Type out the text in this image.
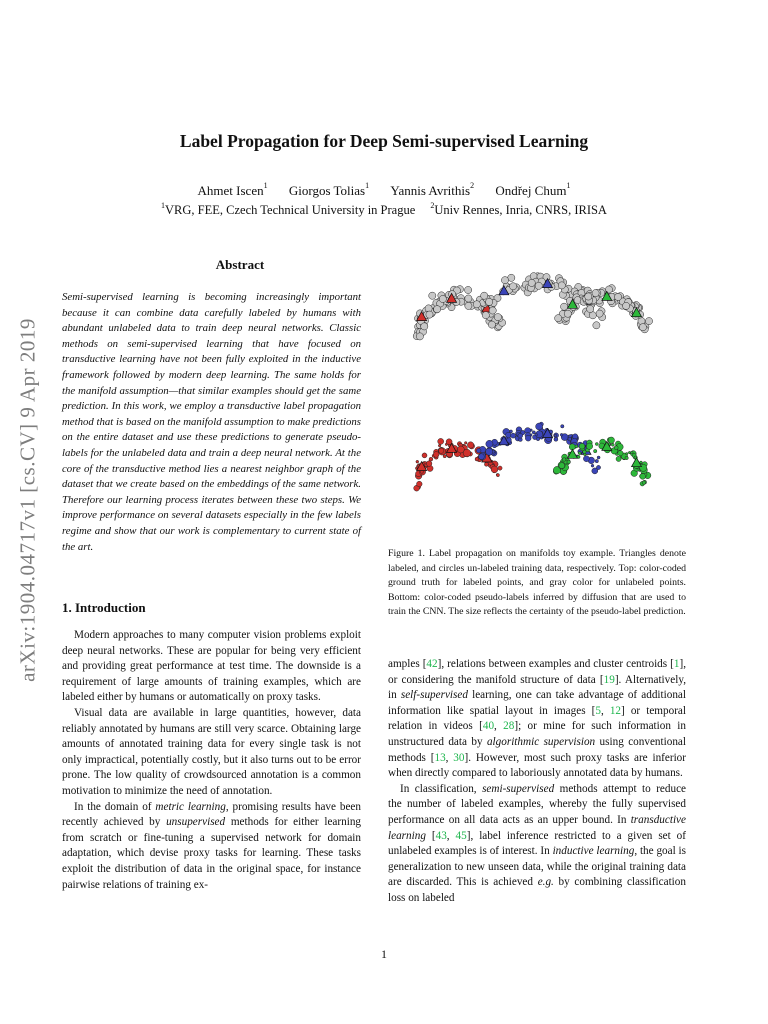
arXiv:1904.04717v1 [cs.CV] 9 Apr 2019
Label Propagation for Deep Semi-supervised Learning
Ahmet Iscen$^1$ Giorgos Tolias$^1$ Yannis Avrithis$^2$ Ondřej Chum$^1$
$^1$VRG, FEE, Czech Technical University in Prague $^2$Univ Rennes, Inria, CNRS, IRISA
Abstract

Semi-supervised learning is becoming increasingly important because it can combine data carefully labeled by humans with abundant unlabeled data to train deep neural networks. Classic methods on semi-supervised learning that have focused on transductive learning have not been fully exploited in the inductive framework followed by modern deep learning. The same holds for the manifold assumption—that similar examples should get the same prediction. In this work, we employ a transductive label propagation method that is based on the manifold assumption to make predictions on the entire dataset and use these predictions to generate pseudo-labels for the unlabeled data and train a deep neural network. At the core of the transductive method lies a nearest neighbor graph of the dataset that we create based on the embeddings of the same network. Therefore our learning process iterates between these two steps. We improve performance on several datasets especially in the few labels regime and show that our work is complementary to current state of the art.

1. Introduction

Modern approaches to many computer vision problems exploit deep neural networks. These are popular for being very efficient and providing great performance at test time. The downside is a requirement of large amounts of training examples, which are labeled either by humans or automatically on proxy tasks.

Visual data are available in large quantities, however, data reliably annotated by humans are still very scarce. Obtaining large amounts of annotated training data for every single task is not only impractical, potentially costly, but it also turns out to be error prone. The low quality of crowdsourced annotation is a common motivation to minimize the need of annotation.

In the domain of metric learning, promising results have been recently achieved by unsupervised methods for either learning from scratch or fine-tuning a supervised network for domain adaptation, which devise proxy tasks for learning. These tasks exploit the distribution of data in the original space, for instance pairwise relations of training ex-

Figure 1. Label propagation on manifolds toy example. Triangles denote labeled, and circles un-labeled training data, respectively. Top: color-coded ground truth for labeled points, and gray color for unlabeled points. Bottom: color-coded pseudo-labels inferred by diffusion that are used to train the CNN. The size reflects the certainty of the pseudo-label prediction.

amples [42], relations between examples and cluster centroids [1], or considering the manifold structure of data [19]. Alternatively, in self-supervised learning, one can take advantage of additional information like spatial layout in images [5, 12] or temporal relation in videos [40, 28]; or mine for such information in unstructured data by algorithmic supervision using conventional methods [13, 30]. However, most such proxy tasks are inferior when directly compared to laboriously annotated data by humans.

In classification, semi-supervised methods attempt to reduce the number of labeled examples, whereby the fully supervised performance on all data acts as an upper bound. In transductive learning [43, 45], label inference restricted to a given set of unlabeled examples is of interest. In inductive learning, the goal is generalization to new unseen data, while the original training data are discarded. This is achieved e.g. by combining classification loss on labeled

1
